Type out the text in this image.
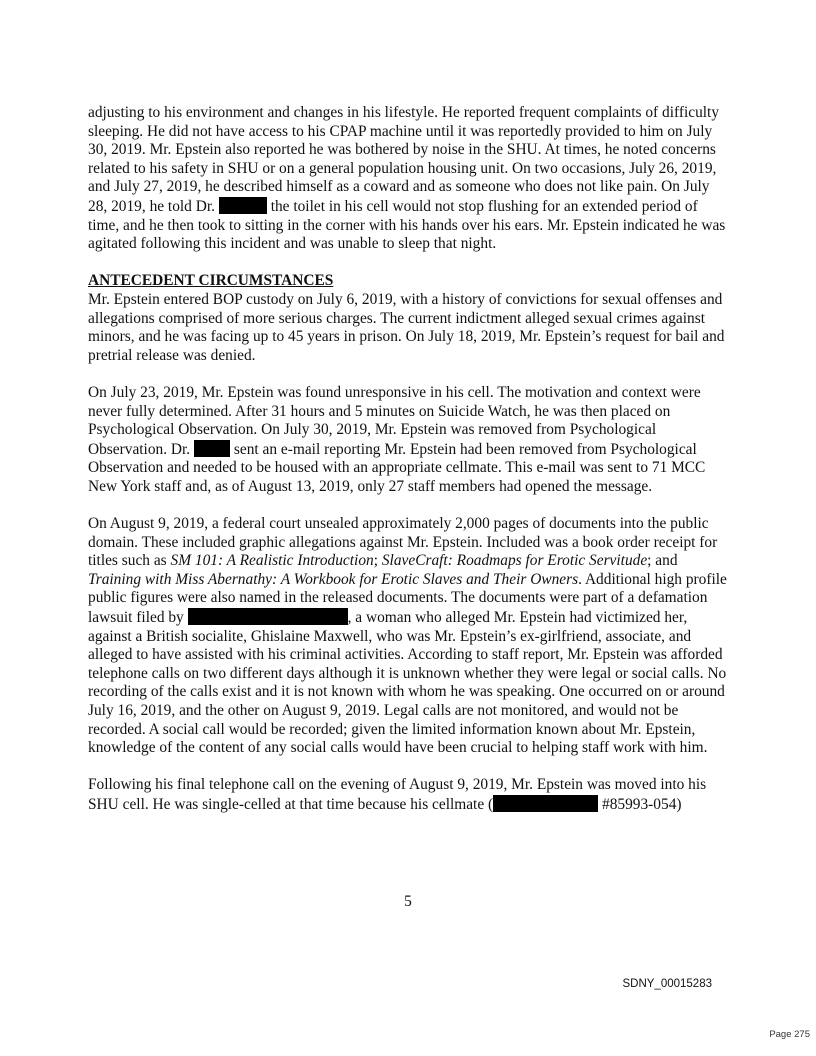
adjusting to his environment and changes in his lifestyle. He reported frequent complaints of difficulty sleeping. He did not have access to his CPAP machine until it was reportedly provided to him on July 30, 2019. Mr. Epstein also reported he was bothered by noise in the SHU. At times, he noted concerns related to his safety in SHU or on a general population housing unit. On two occasions, July 26, 2019, and July 27, 2019, he described himself as a coward and as someone who does not like pain. On July 28, 2019, he told Dr.	the toilet in his cell would not stop flushing for an extended period of time, and he then took to sitting in the corner with his hands over his ears. Mr. Epstein indicated he was agitated following this incident and was unable to sleep that night.

ANTECEDENT CIRCUMSTANCES

Mr. Epstein entered BOP custody on July 6, 2019, with a history of convictions for sexual offenses and allegations comprised of more serious charges. The current indictment alleged sexual crimes against minors, and he was facing up to 45 years in prison. On July 18, 2019, Mr. Epstein’s request for bail and pretrial release was denied.

On July 23, 2019, Mr. Epstein was found unresponsive in his cell. The motivation and context were never fully determined. After 31 hours and 5 minutes on Suicide Watch, he was then placed on Psychological Observation. On July 30, 2019, Mr. Epstein was removed from Psychological Observation. Dr.	sent an e-mail reporting Mr. Epstein had been removed from Psychological Observation and needed to be housed with an appropriate cellmate. This e-mail was sent to 71 MCC New York staff and, as of August 13, 2019, only 27 staff members had opened the message.

On August 9, 2019, a federal court unsealed approximately 2,000 pages of documents into the public domain. These included graphic allegations against Mr. Epstein. Included was a book order receipt for titles such as SM 101: A Realistic Introduction; SlaveCraft: Roadmaps for Erotic Servitude; and Training with Miss Abernathy: A Workbook for Erotic Slaves and Their Owners. Additional high profile public figures were also named in the released documents. The documents were part of a defamation lawsuit filed by	, a woman who alleged Mr. Epstein had victimized her, against a British socialite, Ghislaine Maxwell, who was Mr. Epstein’s ex-girlfriend, associate, and alleged to have assisted with his criminal activities. According to staff report, Mr. Epstein was afforded telephone calls on two different days although it is unknown whether they were legal or social calls. No recording of the calls exist and it is not known with whom he was speaking. One occurred on or around July 16, 2019, and the other on August 9, 2019. Legal calls are not monitored, and would not be recorded. A social call would be recorded; given the limited information known about Mr. Epstein, knowledge of the content of any social calls would have been crucial to helping staff work with him.

Following his final telephone call on the evening of August 9, 2019, Mr. Epstein was moved into his SHU cell. He was single-celled at that time because his cellmate (	#85993-054)

5
SDNY_00015283
Page 275
